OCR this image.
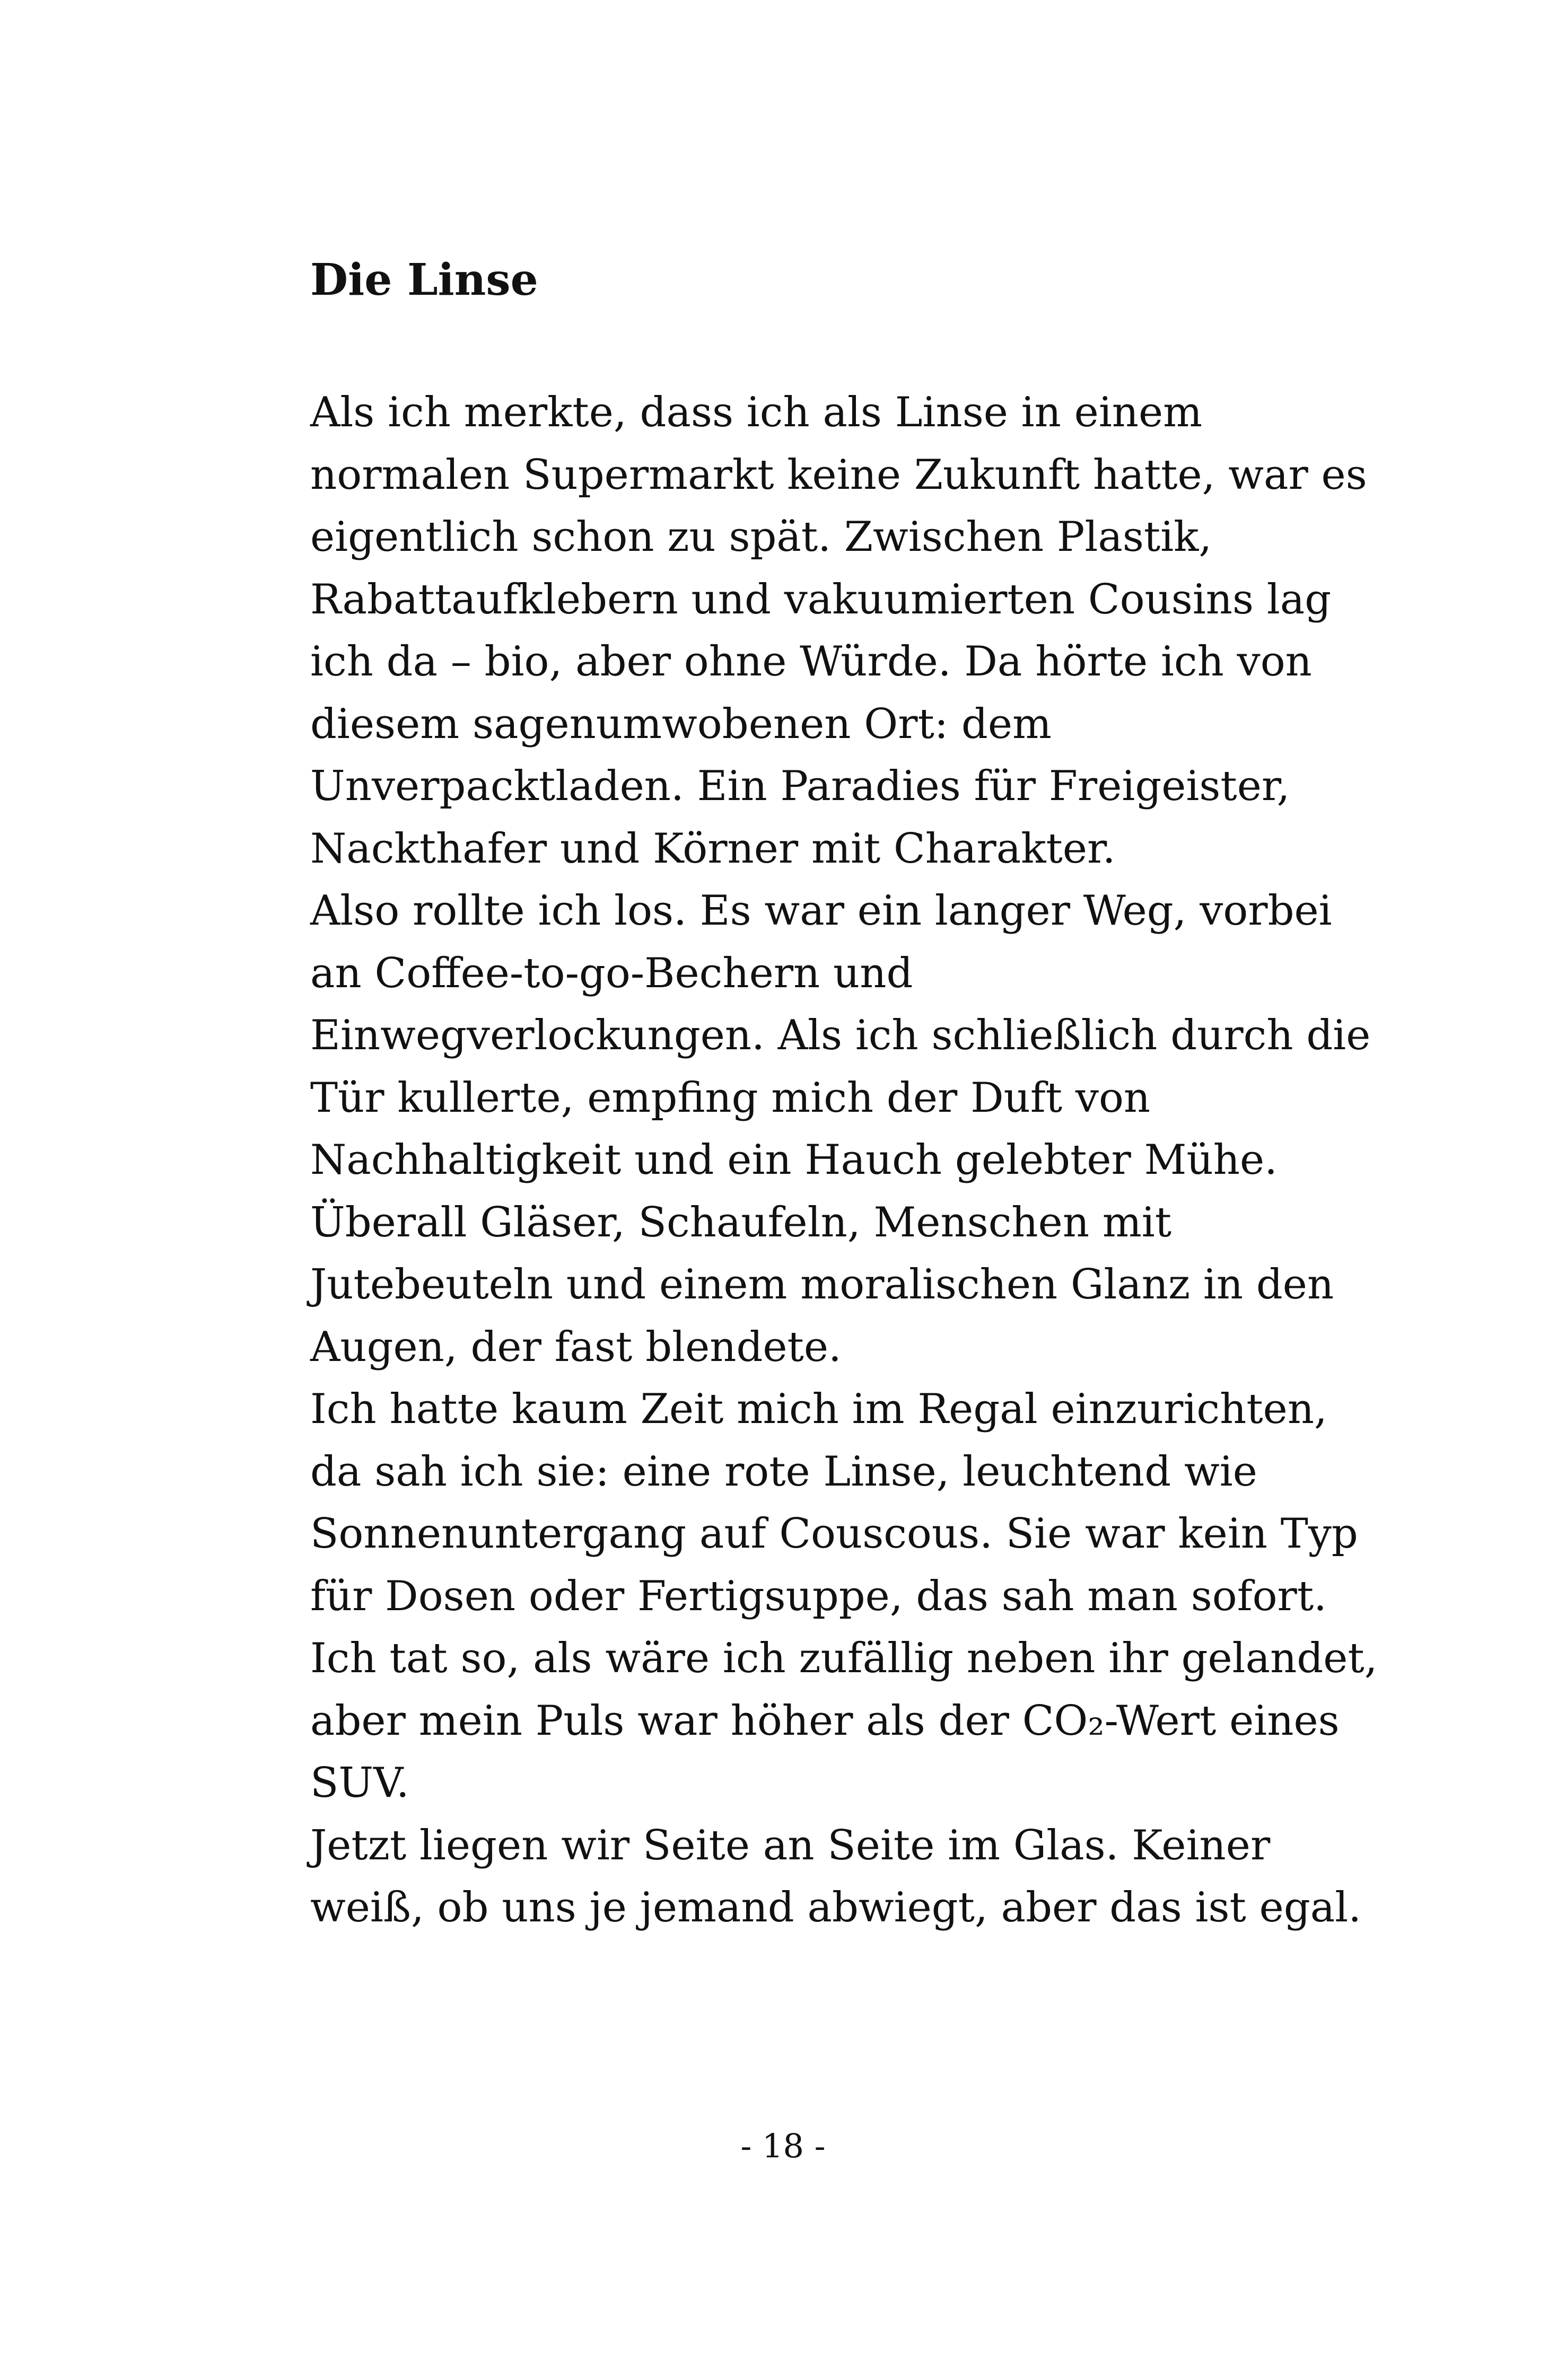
Die Linse
Als ich merkte, dass ich als Linse in einem
normalen Supermarkt keine Zukunft hatte, war es
eigentlich schon zu spät. Zwischen Plastik,
Rabattaufklebern und vakuumierten Cousins lag
ich da – bio, aber ohne Würde. Da hörte ich von
diesem sagenumwobenen Ort: dem
Unverpacktladen. Ein Paradies für Freigeister,
Nackthafer und Körner mit Charakter.
Also rollte ich los. Es war ein langer Weg, vorbei
an Coffee-to-go-Bechern und
Einwegverlockungen. Als ich schließlich durch die
Tür kullerte, empfing mich der Duft von
Nachhaltigkeit und ein Hauch gelebter Mühe.
Überall Gläser, Schaufeln, Menschen mit
Jutebeuteln und einem moralischen Glanz in den
Augen, der fast blendete.
Ich hatte kaum Zeit mich im Regal einzurichten,
da sah ich sie: eine rote Linse, leuchtend wie
Sonnenuntergang auf Couscous. Sie war kein Typ
für Dosen oder Fertigsuppe, das sah man sofort.
Ich tat so, als wäre ich zufällig neben ihr gelandet,
aber mein Puls war höher als der CO₂-Wert eines
SUV.
Jetzt liegen wir Seite an Seite im Glas. Keiner
weiß, ob uns je jemand abwiegt, aber das ist egal.
- 18 -
